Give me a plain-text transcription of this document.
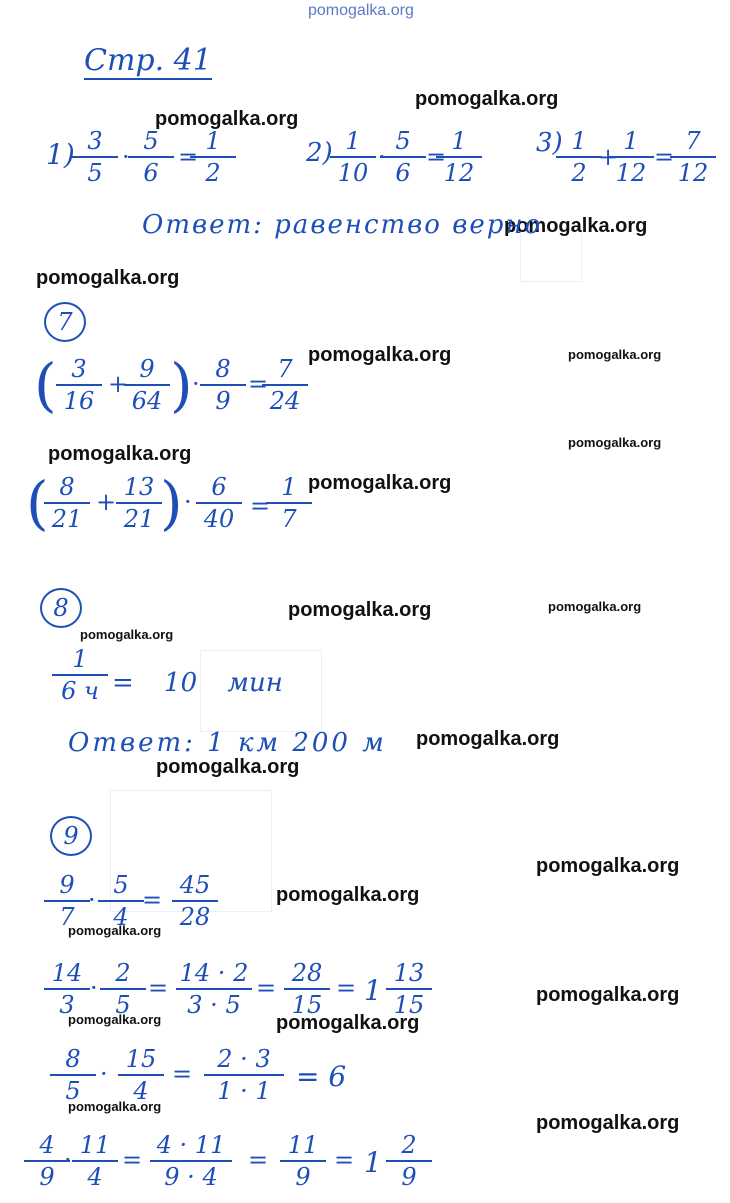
pomogalka.org
pomogalka.org
pomogalka.org
pomogalka.org
pomogalka.org
pomogalka.org	pomogalka.org
pomogalka.org
pomogalka.org
pomogalka.org
pomogalka.org	pomogalka.org
pomogalka.org
pomogalka.org
pomogalka.org
pomogalka.org
pomogalka.org
pomogalka.org
pomogalka.org
pomogalka.org	pomogalka.org
pomogalka.org
pomogalka.org
Стр. 41
1)
$\frac{3}{5}$ ·
$\frac{5}{6}$ =
$\frac{1}{2}$	2)
$\frac{1}{10}$ ·
$\frac{5}{6}$ =
$\frac{1}{12} 3$)
$\frac{1}{2}$
+
$\frac{1}{12}$ =
$\frac{7}{12}$
Ответ: равенство верно
7
( $\frac{3}{16}$ +
$\frac{9}{64}$ ) · $\frac{8}{9}$ =
$\frac{7}{24}$
(
$\frac{8}{21} + \frac{13}{21}$
) · $\frac{6}{40}$ =
$\frac{1}{7}$
8
1
6 ч = 10 мин
Ответ: 1 км 200 м
9
$\frac{9}{7}$
· $\frac{5}{4}$
= $\frac{45}{28}$
$\frac{14}{3} \cdot \frac{2}{5} = \frac{14 \cdot 2}{3 \cdot 5} = \frac{28}{15} = 1 \frac{13}{15}$
$\frac{8}{5} \cdot \frac{15}{4} = \frac{2 \cdot 3}{1 \cdot 1} = 6$
$\frac{4}{9}$
· $\frac{11}{4} = \frac{4 \cdot 11}{9 \cdot 4} = \frac{11}{9} = 1 \frac{2}{9}$
